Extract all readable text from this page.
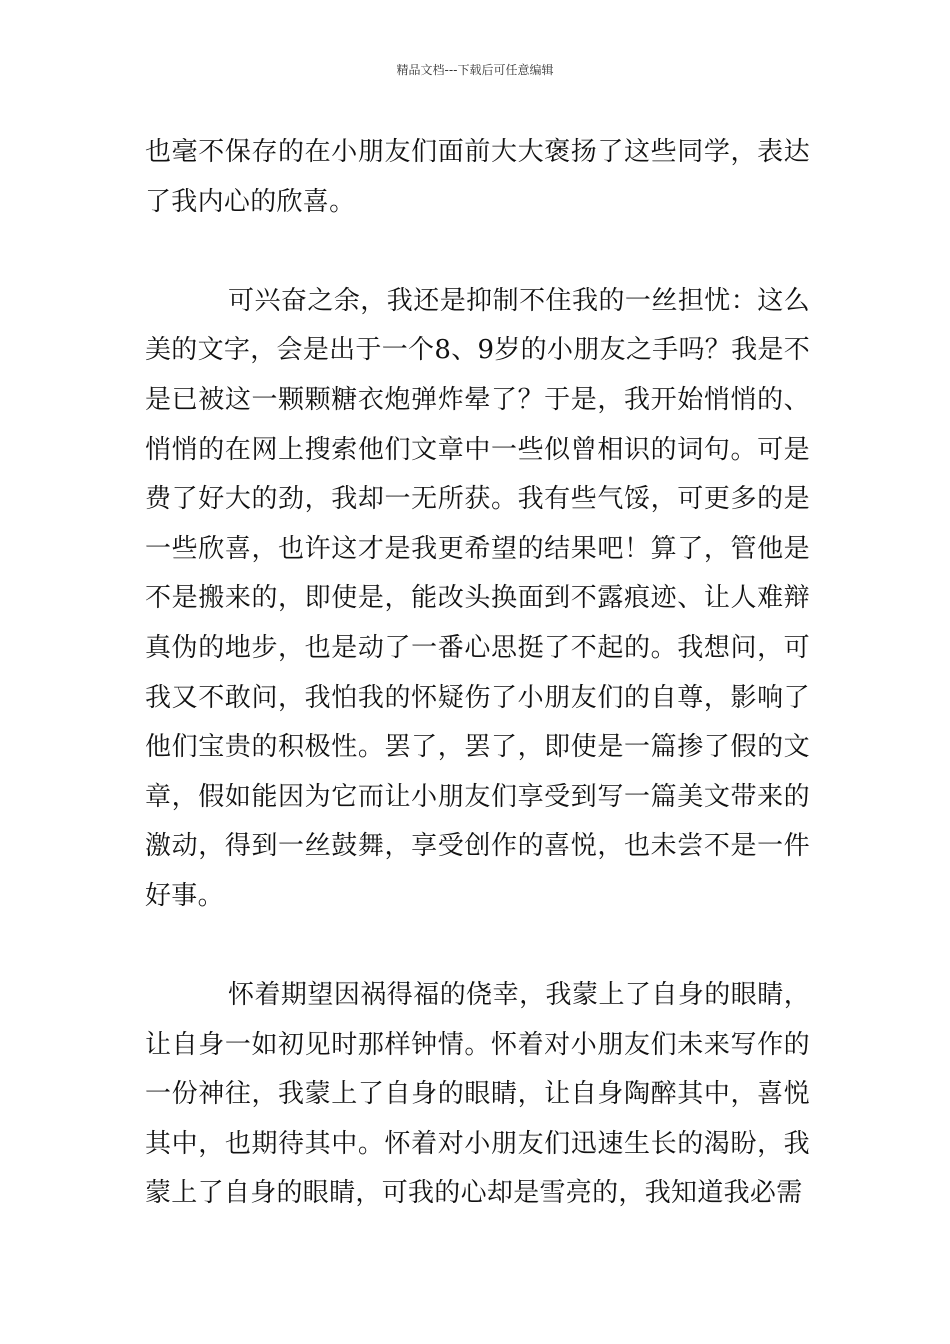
精品文档---下载后可任意编辑

也毫不保存的在小朋友们面前大大褒扬了这些同学，表达了我内心的欣喜。

可兴奋之余，我还是抑制不住我的一丝担忧：这么美的文字，会是出于一个8、9岁的小朋友之手吗？我是不是已被这一颗颗糖衣炮弹炸晕了？于是，我开始悄悄的、悄悄的在网上搜索他们文章中一些似曾相识的词句。可是费了好大的劲，我却一无所获。我有些气馁，可更多的是一些欣喜，也许这才是我更希望的结果吧！算了，管他是不是搬来的，即使是，能改头换面到不露痕迹、让人难辩真伪的地步，也是动了一番心思挺了不起的。我想问，可我又不敢问，我怕我的怀疑伤了小朋友们的自尊，影响了他们宝贵的积极性。罢了，罢了，即使是一篇掺了假的文章，假如能因为它而让小朋友们享受到写一篇美文带来的激动，得到一丝鼓舞，享受创作的喜悦，也未尝不是一件好事。

怀着期望因祸得福的侥幸，我蒙上了自身的眼睛，让自身一如初见时那样钟情。怀着对小朋友们未来写作的一份神往，我蒙上了自身的眼睛，让自身陶醉其中，喜悦其中，也期待其中。怀着对小朋友们迅速生长的渴盼，我蒙上了自身的眼睛，可我的心却是雪亮的，我知道我必需
